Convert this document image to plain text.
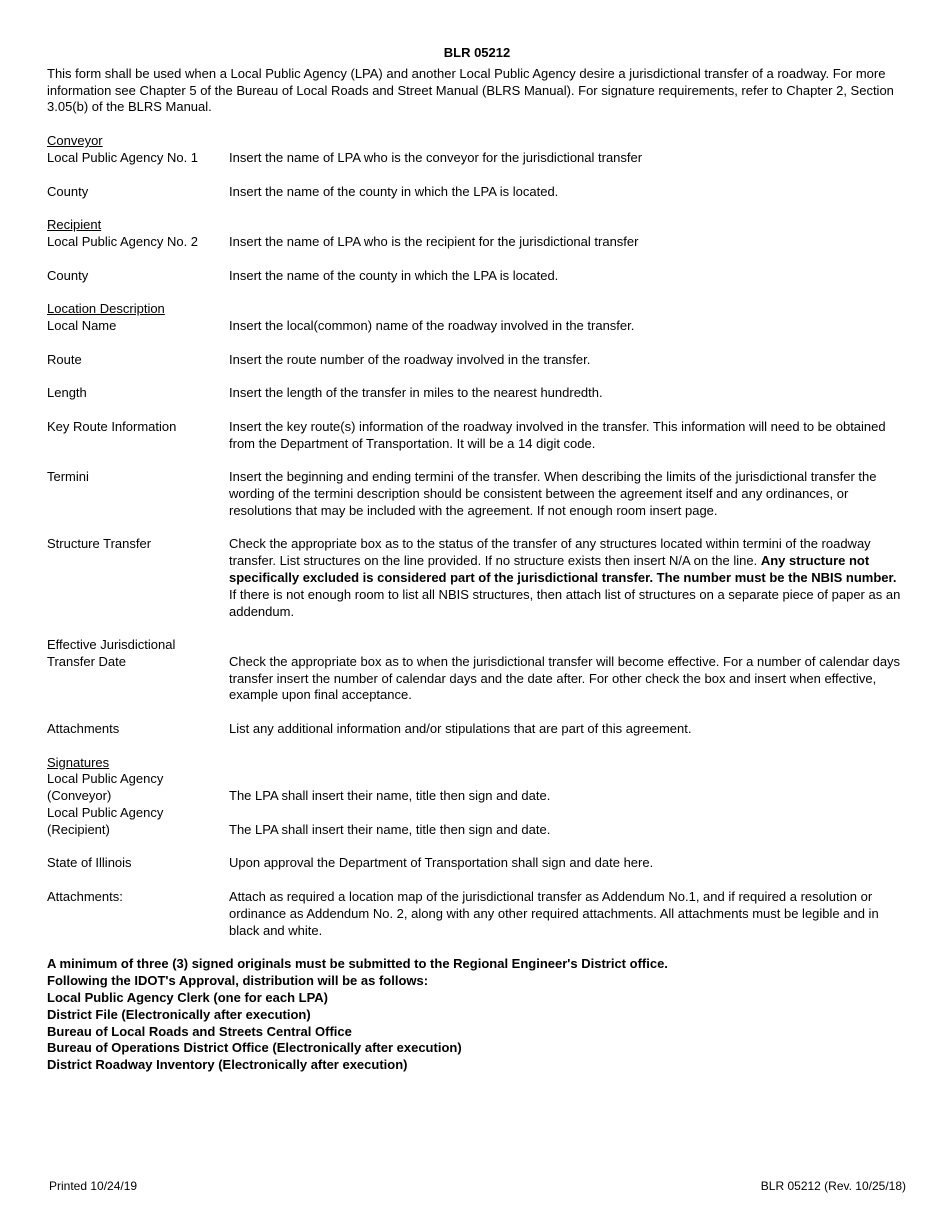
BLR 05212
This form shall be used when a Local Public Agency (LPA) and another Local Public Agency desire a jurisdictional transfer of a roadway. For more information see Chapter 5 of the Bureau of Local Roads and Street Manual (BLRS Manual). For signature requirements, refer to Chapter 2, Section 3.05(b) of the BLRS Manual.
Conveyor
Local Public Agency No. 1	Insert the name of LPA who is the conveyor for the jurisdictional transfer
County	Insert the name of the county in which the LPA is located.
Recipient
Local Public Agency No. 2	Insert the name of LPA who is the recipient for the jurisdictional transfer
County	Insert the name of the county in which the LPA is located.
Location Description
Local Name	Insert the local(common) name of the roadway involved in the transfer.
Route	Insert the route number of the roadway involved in the transfer.
Length	Insert the length of the transfer in miles to the nearest hundredth.
Key Route Information	Insert the key route(s) information of the roadway involved in the transfer. This information will need to be obtained from the Department of Transportation. It will be a 14 digit code.
Termini	Insert the beginning and ending termini of the transfer. When describing the limits of the jurisdictional transfer the wording of the termini description should be consistent between the agreement itself and any ordinances, or resolutions that may be included with the agreement. If not enough room insert page.
Structure Transfer	Check the appropriate box as to the status of the transfer of any structures located within termini of the roadway transfer. List structures on the line provided. If no structure exists then insert N/A on the line. Any structure not specifically excluded is considered part of the jurisdictional transfer. The number must be the NBIS number. If there is not enough room to list all NBIS structures, then attach list of structures on a separate piece of paper as an addendum.
Effective Jurisdictional
Transfer Date	Check the appropriate box as to when the jurisdictional transfer will become effective. For a number of calendar days transfer insert the number of calendar days and the date after. For other check the box and insert when effective, example upon final acceptance.
Attachments	List any additional information and/or stipulations that are part of this agreement.
Signatures
Local Public Agency
(Conveyor)	The LPA shall insert their name, title then sign and date.
Local Public Agency
(Recipient)	The LPA shall insert their name, title then sign and date.
State of Illinois	Upon approval the Department of Transportation shall sign and date here.
Attachments:	Attach as required a location map of the jurisdictional transfer as Addendum No.1, and if required a resolution or ordinance as Addendum No. 2, along with any other required attachments. All attachments must be legible and in black and white.
A minimum of three (3) signed originals must be submitted to the Regional Engineer's District office.
Following the IDOT's Approval, distribution will be as follows:
Local Public Agency Clerk (one for each LPA)
District File (Electronically after execution)
Bureau of Local Roads and Streets Central Office
Bureau of Operations District Office (Electronically after execution)
District Roadway Inventory (Electronically after execution)
Printed 10/24/19	BLR 05212 (Rev. 10/25/18)
